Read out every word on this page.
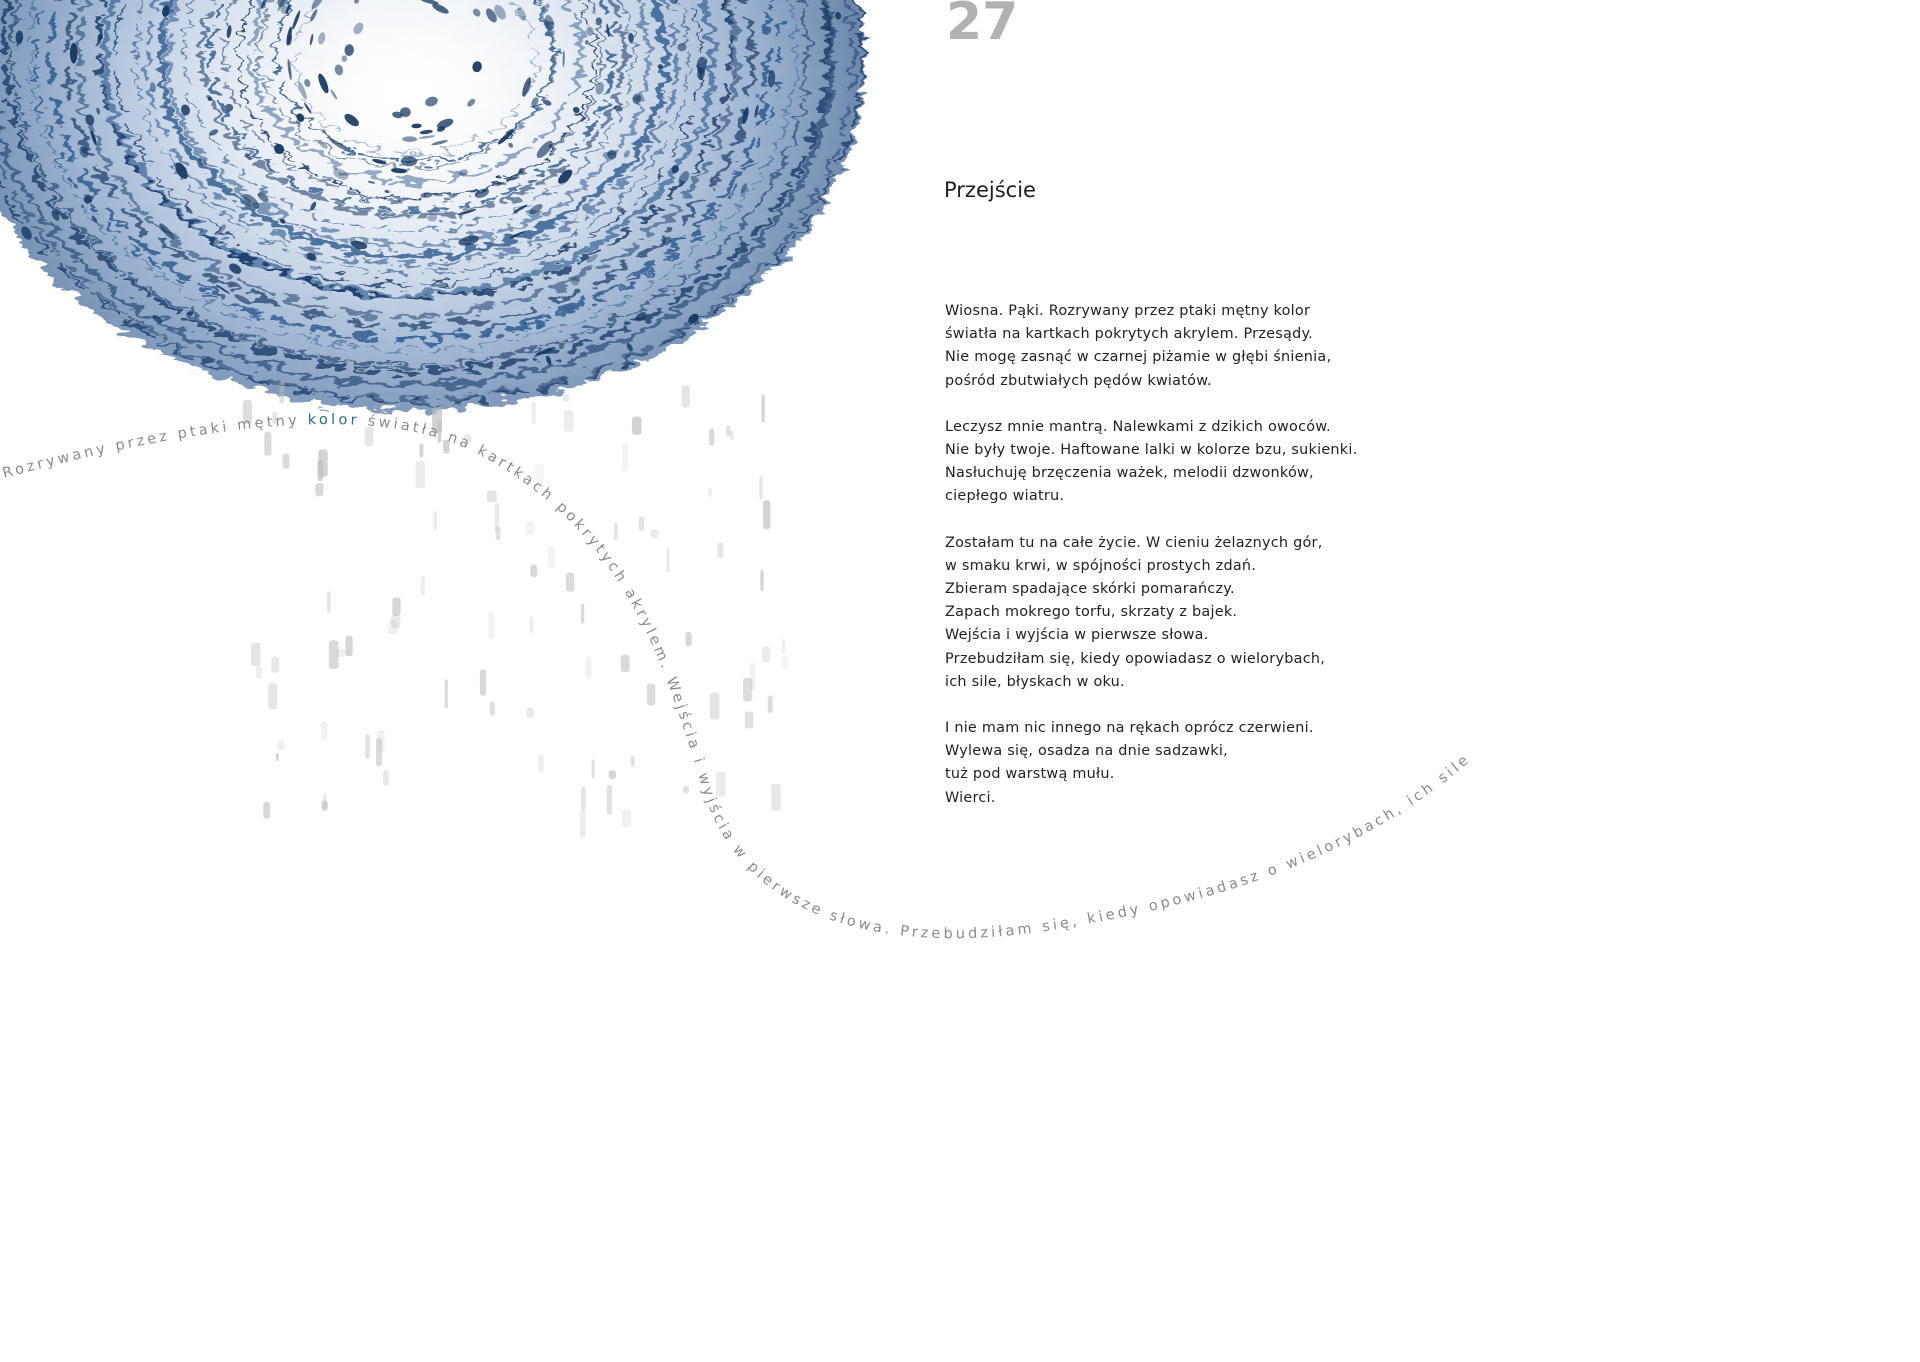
Rozrywany przez ptaki mętny kolor światła na kartkach pokrytych akrylem. Wejścia i wyjścia w pierwsze słowa. Przebudziłam się, kiedy opowiadasz o wielorybach, ich sile
27
Przejście
Wiosna. Pąki. Rozrywany przez ptaki mętny kolor
światła na kartkach pokrytych akrylem. Przesądy.
Nie mogę zasnąć w czarnej piżamie w głębi śnienia,
pośród zbutwiałych pędów kwiatów.
Leczysz mnie mantrą. Nalewkami z dzikich owoców.
Nie były twoje. Haftowane lalki w kolorze bzu, sukienki.
Nasłuchuję brzęczenia ważek, melodii dzwonków,
ciepłego wiatru.
Zostałam tu na całe życie. W cieniu żelaznych gór,
w smaku krwi, w spójności prostych zdań.
Zbieram spadające skórki pomarańczy.
Zapach mokrego torfu, skrzaty z bajek.
Wejścia i wyjścia w pierwsze słowa.
Przebudziłam się, kiedy opowiadasz o wielorybach,
ich sile, błyskach w oku.
I nie mam nic innego na rękach oprócz czerwieni.
Wylewa się, osadza na dnie sadzawki,
tuż pod warstwą mułu.
Wierci.
